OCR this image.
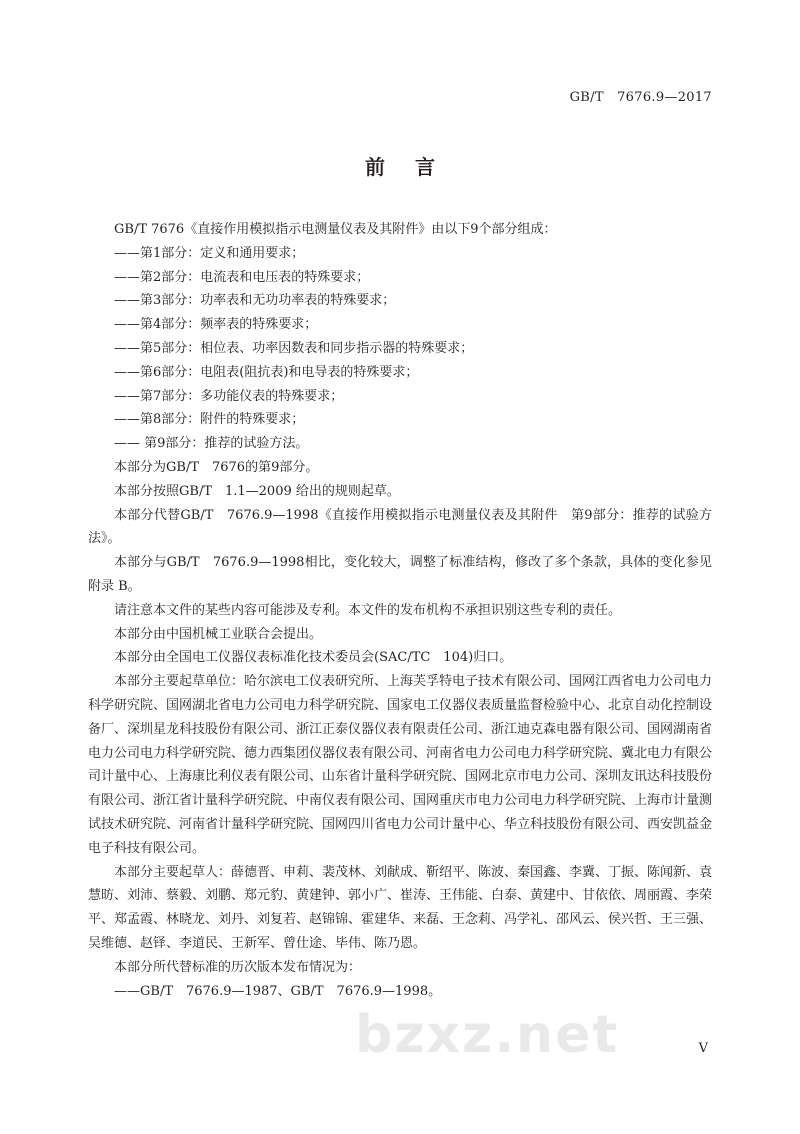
GB/T　7676.9—2017
前言

GB/T 7676《直接作用模拟指示电测量仪表及其附件》由以下9个部分组成：

——第1部分：定义和通用要求；

——第2部分：电流表和电压表的特殊要求；

——第3部分：功率表和无功功率表的特殊要求；

——第4部分：频率表的特殊要求；

——第5部分：相位表、功率因数表和同步指示器的特殊要求；

——第6部分：电阻表(阻抗表)和电导表的特殊要求；

——第7部分：多功能仪表的特殊要求；

——第8部分：附件的特殊要求；

—— 第9部分：推荐的试验方法。

本部分为GB/T　7676的第9部分。

本部分按照GB/T　1.1—2009 给出的规则起草。

本部分代替GB/T　7676.9—1998《直接作用模拟指示电测量仪表及其附件　第9部分：推荐的试验方法》。

本部分与GB/T　7676.9—1998相比，变化较大，调整了标准结构，修改了多个条款，具体的变化参见附录 B。

请注意本文件的某些内容可能涉及专利。本文件的发布机构不承担识别这些专利的责任。

本部分由中国机械工业联合会提出。

本部分由全国电工仪器仪表标准化技术委员会(SAC/TC　104)归口。

本部分主要起草单位：哈尔滨电工仪表研究所、上海芙孚特电子技术有限公司、国网江西省电力公司电力科学研究院、国网湖北省电力公司电力科学研究院、国家电工仪器仪表质量监督检验中心、北京自动化控制设备厂、深圳星龙科技股份有限公司、浙江正泰仪器仪表有限责任公司、浙江迪克森电器有限公司、国网湖南省电力公司电力科学研究院、德力西集团仪器仪表有限公司、河南省电力公司电力科学研究院、冀北电力有限公司计量中心、上海康比利仪表有限公司、山东省计量科学研究院、国网北京市电力公司、深圳友讯达科技股份有限公司、浙江省计量科学研究院、中南仪表有限公司、国网重庆市电力公司电力科学研究院、上海市计量测试技术研究院、河南省计量科学研究院、国网四川省电力公司计量中心、华立科技股份有限公司、西安凯益金电子科技有限公司。

本部分主要起草人：薛德晋、申莉、裴茂林、刘献成、靳绍平、陈波、秦国鑫、李冀、丁振、陈闻新、袁慧昉、刘沛、蔡毅、刘鹏、郑元豹、黄建钟、郭小广、崔涛、王伟能、白泰、黄建中、甘依依、周丽霞、李荣平、郑孟霞、林晓龙、刘丹、刘复若、赵锦锦、霍建华、来磊、王念莉、冯学礼、邵风云、侯兴哲、王三强、吴维德、赵铎、李道民、王新军、曾仕途、毕伟、陈乃恩。

本部分所代替标准的历次版本发布情况为：

——GB/T　7676.9—1987、GB/T　7676.9—1998。

bzxz.net	V
